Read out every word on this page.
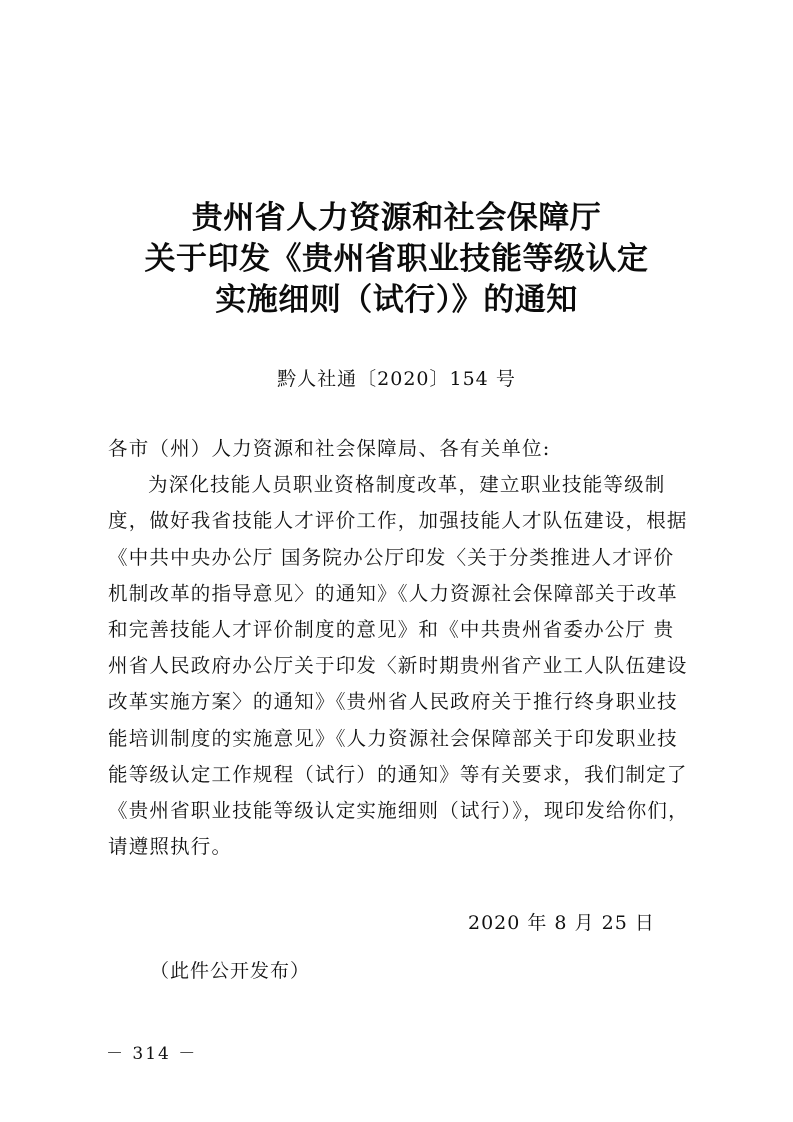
贵州省人力资源和社会保障厅
关于印发《贵州省职业技能等级认定
实施细则（试行）》的通知
黔人社通〔2020〕154 号
各市（州）人力资源和社会保障局、各有关单位:
为深化技能人员职业资格制度改革，建立职业技能等级制
度，做好我省技能人才评价工作，加强技能人才队伍建设，根据
《中共中央办公厅 国务院办公厅印发〈关于分类推进人才评价
机制改革的指导意见〉的通知》《人力资源社会保障部关于改革
和完善技能人才评价制度的意见》和《中共贵州省委办公厅 贵
州省人民政府办公厅关于印发〈新时期贵州省产业工人队伍建设
改革实施方案〉的通知》《贵州省人民政府关于推行终身职业技
能培训制度的实施意见》《人力资源社会保障部关于印发职业技
能等级认定工作规程（试行）的通知》等有关要求，我们制定了
《贵州省职业技能等级认定实施细则（试行）》，现印发给你们，
请遵照执行。
2020 年 8 月 25 日
（此件公开发布）
－ 314 －
